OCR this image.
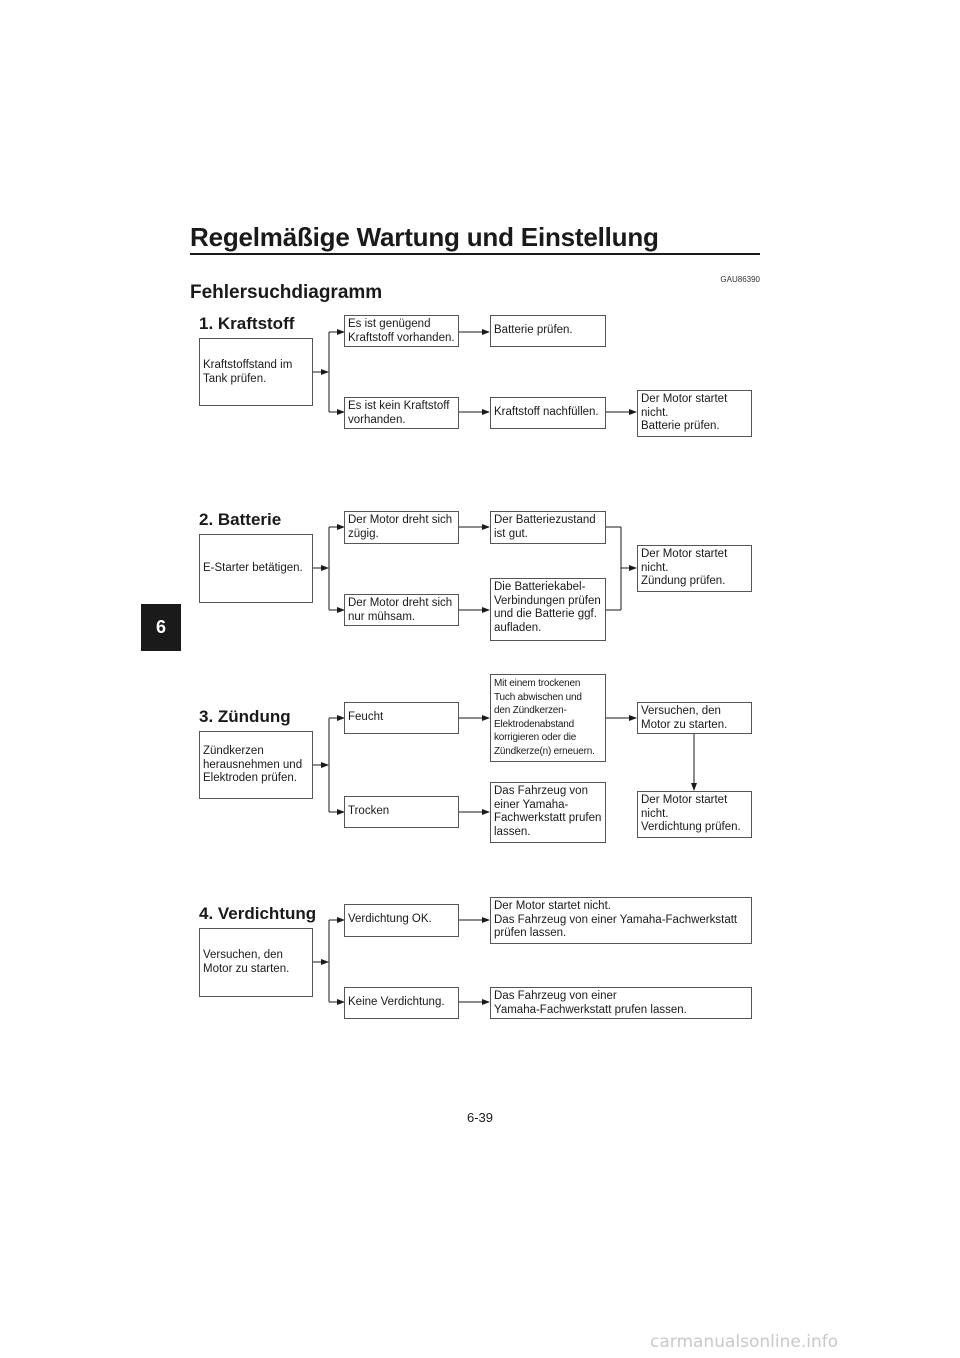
Regelmäßige Wartung und Einstellung
6
Fehlersuchdiagramm
GAU86390
1. Kraftstoff
Kraftstoffstand im
Tank prüfen.
Es ist genügend
Kraftstoff vorhanden.
Es ist kein Kraftstoff
vorhanden.
Batterie prüfen.
Kraftstoff nachfüllen.
Der Motor startet
nicht.
Batterie prüfen.
2. Batterie
E-Starter betätigen.
Der Motor dreht sich
zügig.
Der Motor dreht sich
nur mühsam.
Der Batteriezustand
ist gut.
Die Batteriekabel-
Verbindungen prüfen
und die Batterie ggf.
aufladen.
Der Motor startet
nicht.
Zündung prüfen.
3. Zündung
Zündkerzen
herausnehmen und
Elektroden prüfen.
Feucht
Trocken
Mit einem trockenen
Tuch abwischen und
den Zündkerzen-
Elektrodenabstand
korrigieren oder die
Zündkerze(n) erneuern.
Das Fahrzeug von
einer Yamaha-
Fachwerkstatt prufen
lassen.
Versuchen, den
Motor zu starten.
Der Motor startet
nicht.
Verdichtung prüfen.
4. Verdichtung
Versuchen, den
Motor zu starten.
Verdichtung OK.
Keine Verdichtung.
Der Motor startet nicht.
Das Fahrzeug von einer Yamaha-Fachwerkstatt
prüfen lassen.
Das Fahrzeug von einer
Yamaha-Fachwerkstatt prufen lassen.
6-39
carmanualsonline.info
